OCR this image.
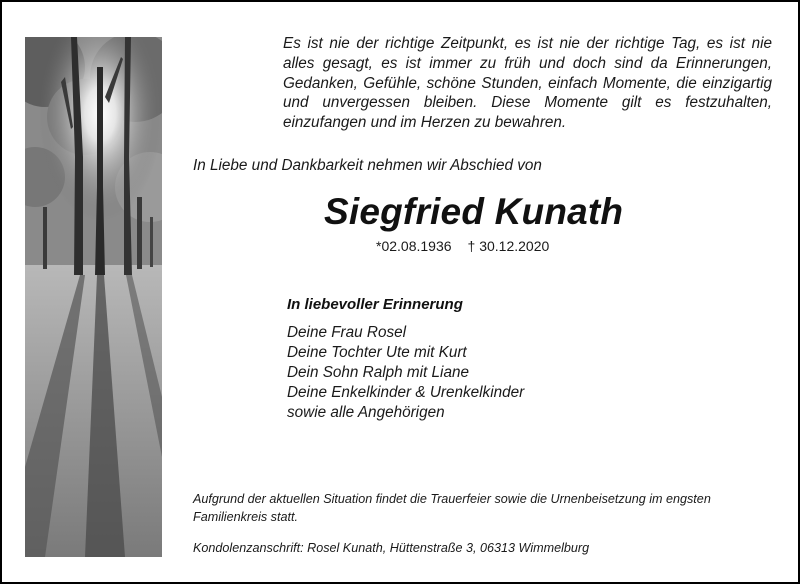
Es ist nie der richtige Zeitpunkt, es ist nie der richtige Tag, es ist nie alles gesagt, es ist immer zu früh und doch sind da Erinnerungen, Gedanken, Gefühle, schöne Stunden, einfach Momente, die einzigartig und unvergessen bleiben. Diese Momente gilt es festzuhalten, einzufangen und im Herzen zu bewahren.
In Liebe und Dankbarkeit nehmen wir Abschied von
Siegfried Kunath
*02.08.1936 † 30.12.2020
In liebevoller Erinnerung
Deine Frau Rosel
Deine Tochter Ute mit Kurt
Dein Sohn Ralph mit Liane
Deine Enkelkinder & Urenkelkinder
sowie alle Angehörigen
Aufgrund der aktuellen Situation findet die Trauerfeier sowie die Urnenbeisetzung im engsten Familienkreis statt.
Kondolenzanschrift: Rosel Kunath, Hüttenstraße 3, 06313 Wimmelburg
